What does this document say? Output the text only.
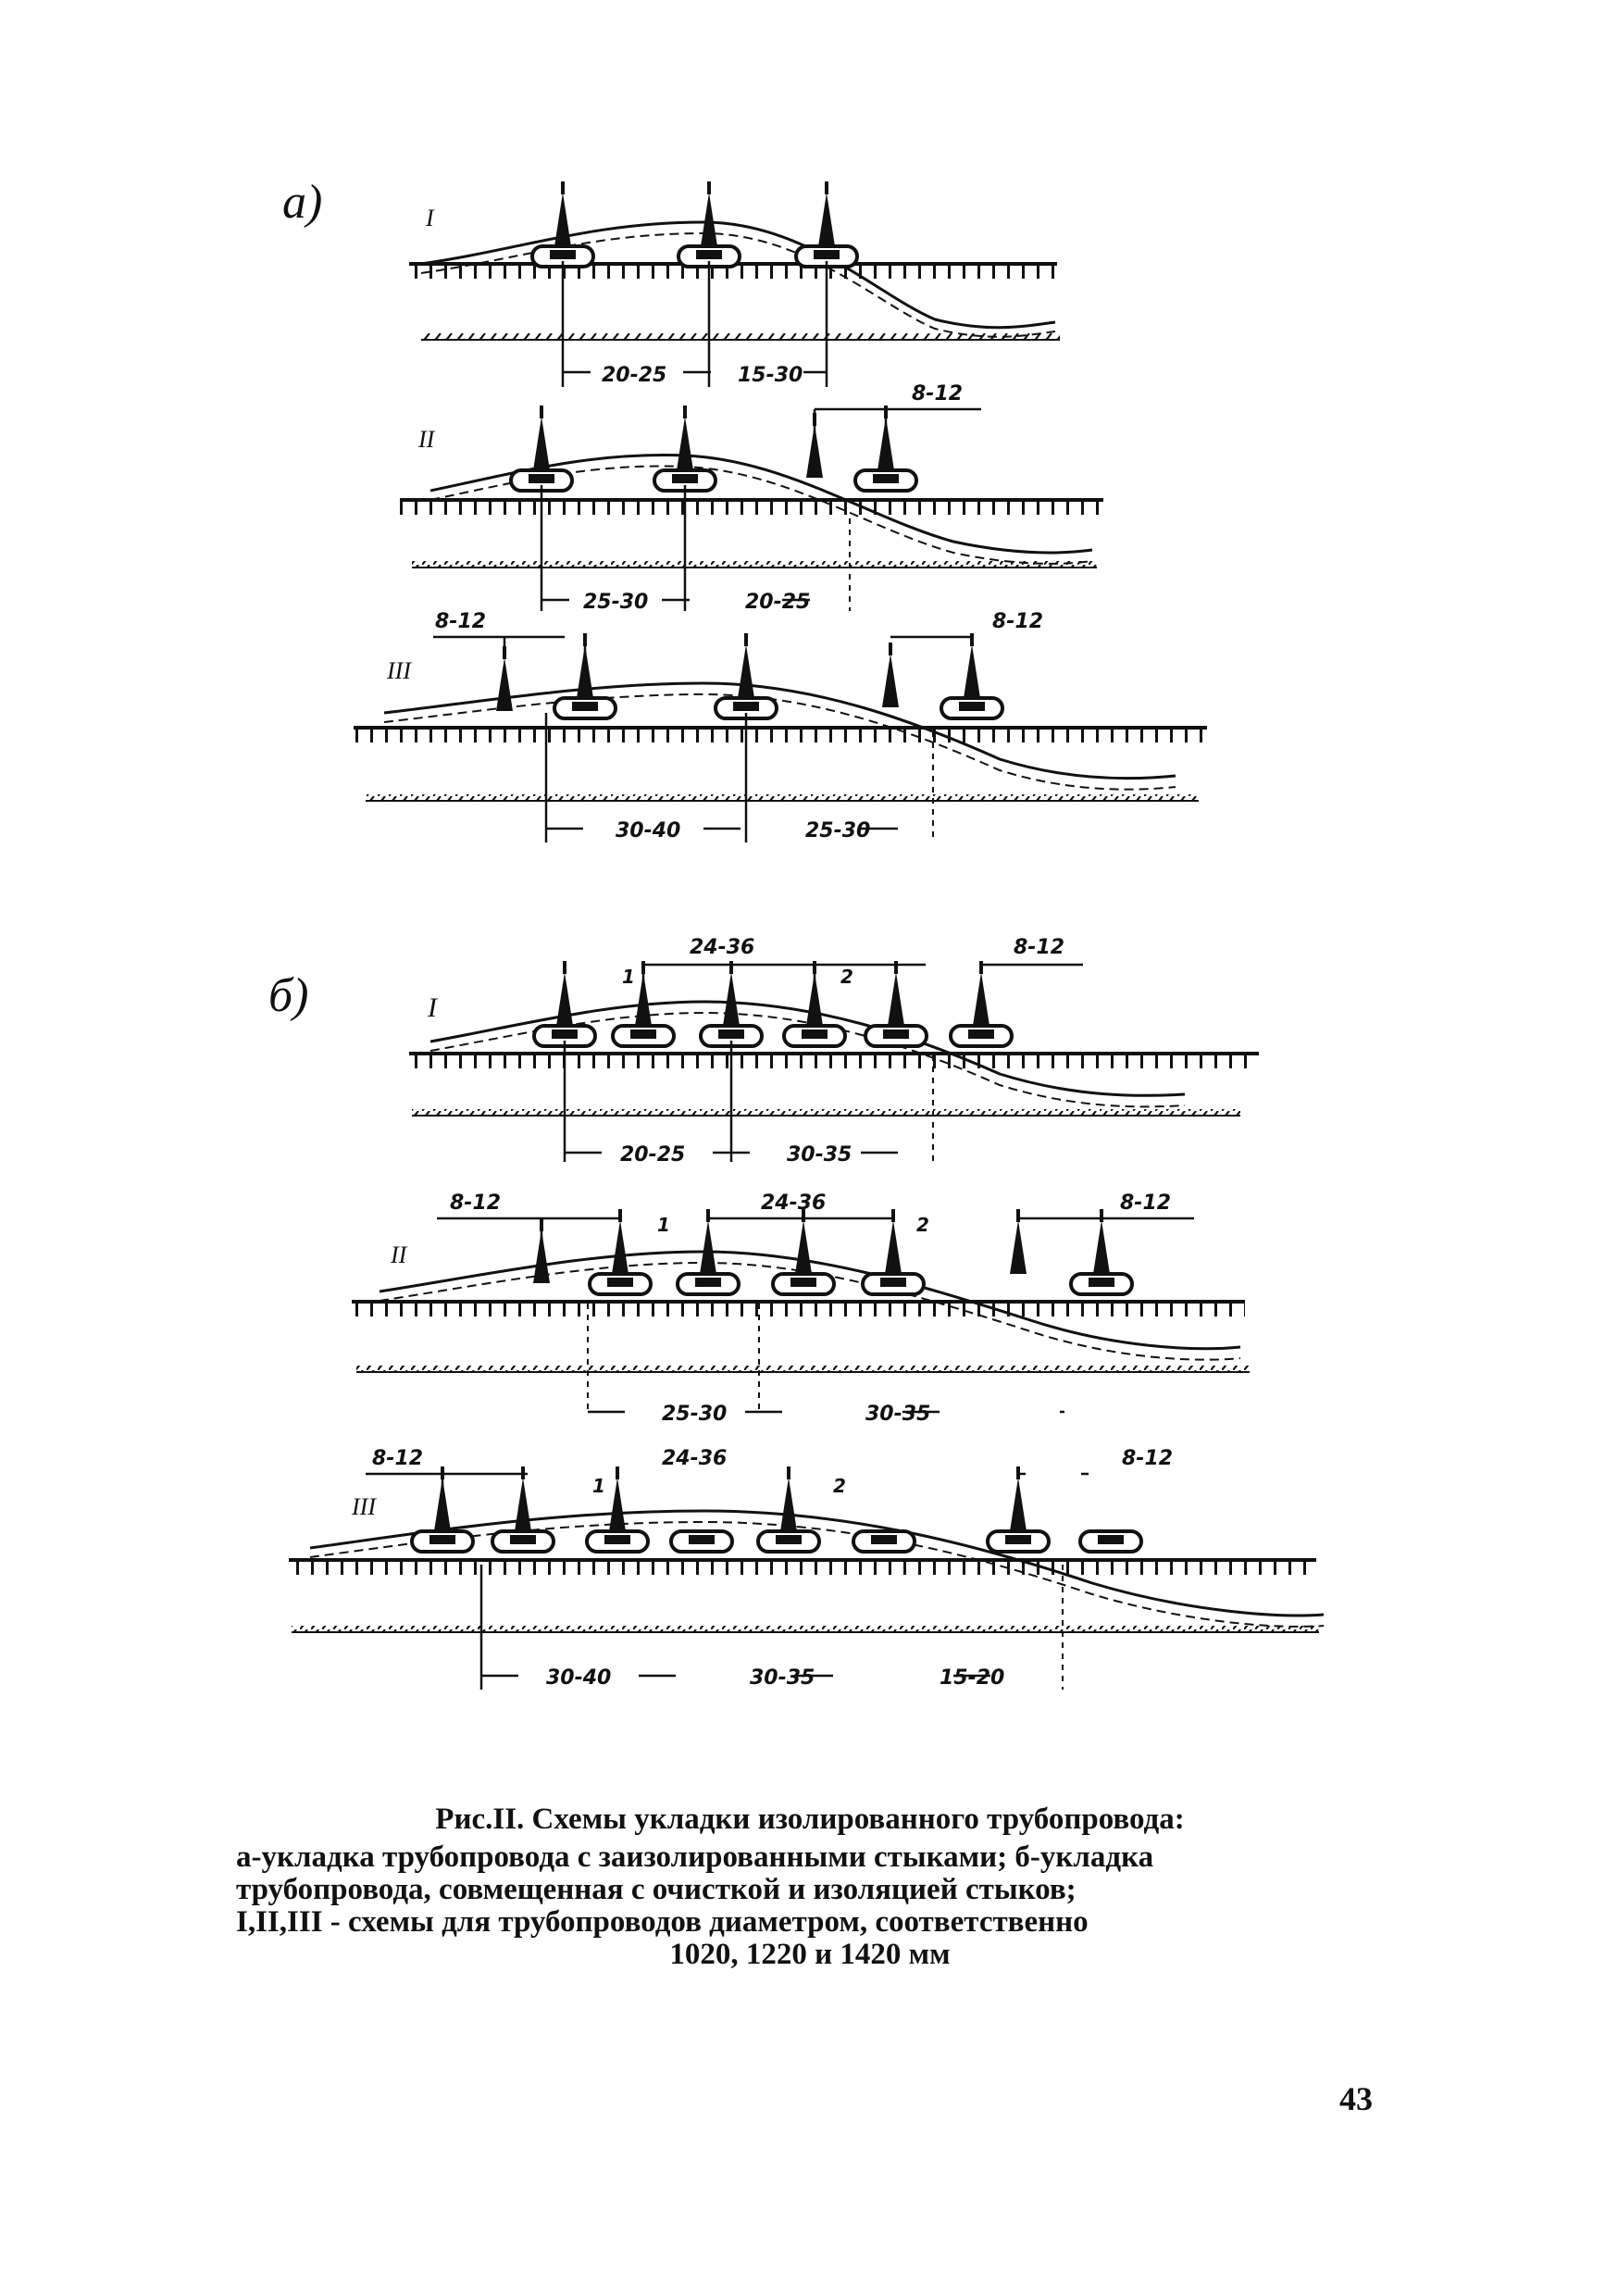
а)	I
20-25	15-30
II
8-12
25-30	20-25
III
8-12	8-12
30-40	25-30
б)	I
24-36	8-12
1	2
20-25	30-35
II
8-12	24-36	8-12
1	2
25-30	30-35
III
8-12	24-36	8-12
1	2
30-40	30-35	15-20
Рис.II. Схемы укладки изолированного трубопровода:
а-укладка трубопровода с заизолированными стыками; б-укладка
трубопровода, совмещенная с очисткой и изоляцией стыков;
I,II,III - схемы для трубопроводов диаметром, соответственно
1020, 1220 и 1420 мм
43
